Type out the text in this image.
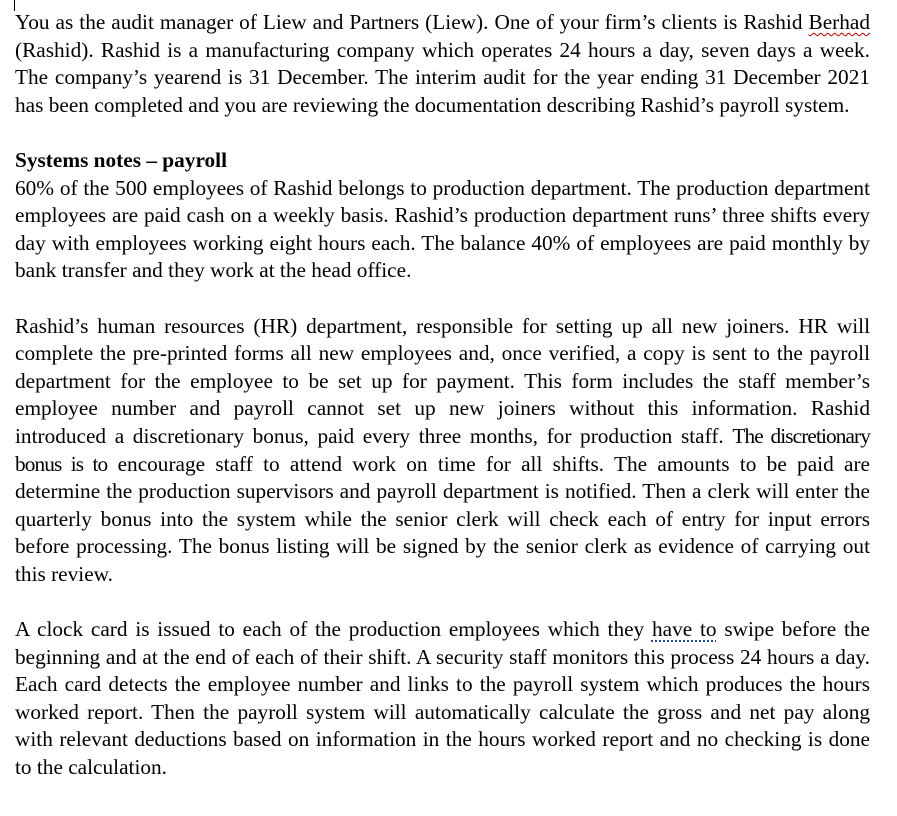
You as the audit manager of Liew and Partners (Liew). One of your firm’s clients is Rashid Berhad (Rashid). Rashid is a manufacturing company which operates 24 hours a day, seven days a week. The company’s yearend is 31 December. The interim audit for the year ending 31 December 2021 has been completed and you are reviewing the documentation describing Rashid’s payroll system.

Systems notes – payroll

60% of the 500 employees of Rashid belongs to production department. The production department employees are paid cash on a weekly basis. Rashid’s production department runs’ three shifts every day with employees working eight hours each. The balance 40% of employees are paid monthly by bank transfer and they work at the head office.

Rashid’s human resources (HR) department, responsible for setting up all new joiners. HR will complete the pre-printed forms all new employees and, once verified, a copy is sent to the payroll department for the employee to be set up for payment. This form includes the staff member’s employee number and payroll cannot set up new joiners without this information. Rashid introduced a discretionary bonus, paid every three months, for production staff. The discretionary bonus is to encourage staff to attend work on time for all shifts. The amounts to be paid are determine the production supervisors and payroll department is notified. Then a clerk will enter the quarterly bonus into the system while the senior clerk will check each of entry for input errors before processing. The bonus listing will be signed by the senior clerk as evidence of carrying out this review.

A clock card is issued to each of the production employees which they have to swipe before the beginning and at the end of each of their shift. A security staff monitors this process 24 hours a day. Each card detects the employee number and links to the payroll system which produces the hours worked report. Then the payroll system will automatically calculate the gross and net pay along with relevant deductions based on information in the hours worked report and no checking is done to the calculation.
